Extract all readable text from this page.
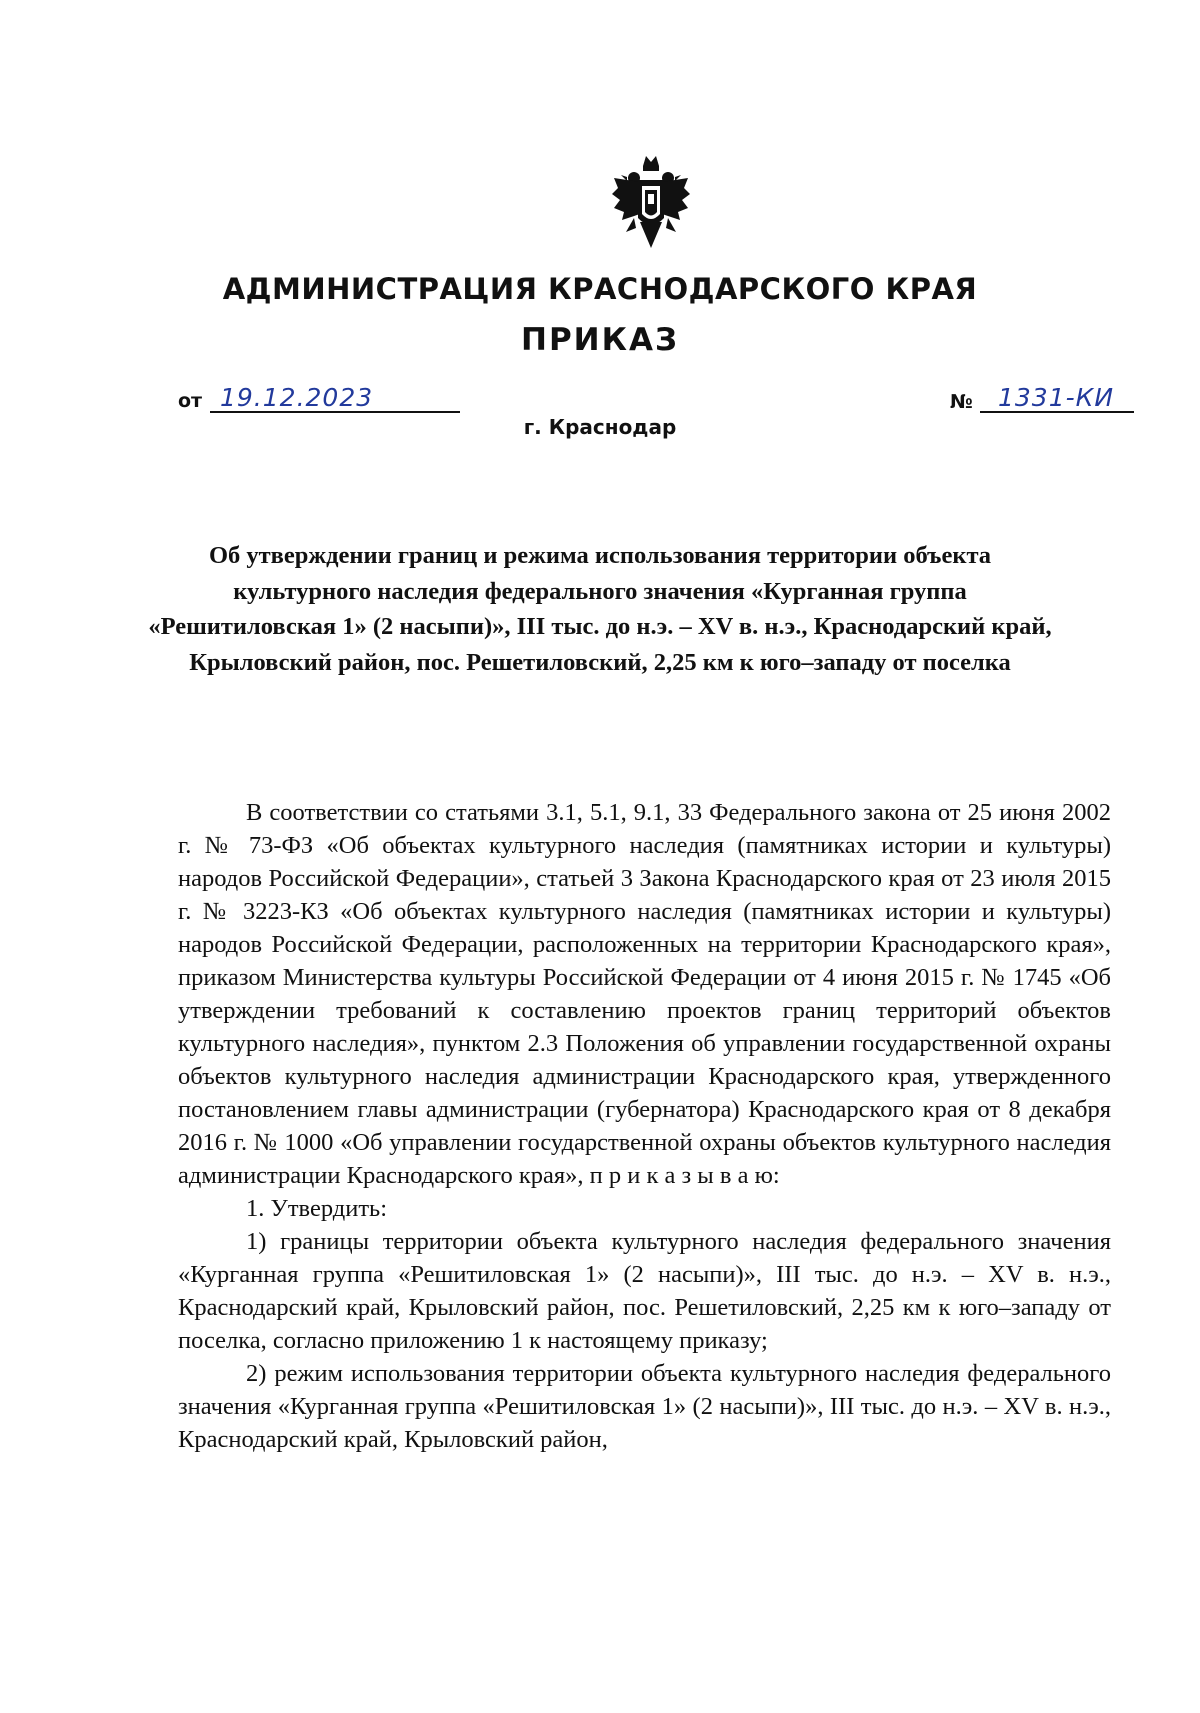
АДМИНИСТРАЦИЯ КРАСНОДАРСКОГО КРАЯ
ПРИКАЗ
от 19.12.2023
г. Краснодар
№ 1331-КИ
Об утверждении границ и режима использования территории объекта культурного наследия федерального значения «Курганная группа «Решитиловская 1» (2 насыпи)», III тыс. до н.э. – XV в. н.э., Краснодарский край, Крыловский район, пос. Решетиловский, 2,25 км к юго–западу от поселка

В соответствии со статьями 3.1, 5.1, 9.1, 33 Федерального закона от 25 июня 2002 г. № 73-ФЗ «Об объектах культурного наследия (памятниках истории и культуры) народов Российской Федерации», статьей 3 Закона Краснодарского края от 23 июля 2015 г. № 3223-КЗ «Об объектах культурного наследия (памятниках истории и культуры) народов Российской Федерации, расположенных на территории Краснодарского края», приказом Министерства культуры Российской Федерации от 4 июня 2015 г. № 1745 «Об утверждении требований к составлению проектов границ территорий объектов культурного наследия», пунктом 2.3 Положения об управлении государственной охраны объектов культурного наследия администрации Краснодарского края, утвержденного постановлением главы администрации (губернатора) Краснодарского края от 8 декабря 2016 г. № 1000 «Об управлении государственной охраны объектов культурного наследия администрации Краснодарского края», п р и к а з ы в а ю:

1. Утвердить:

1) границы территории объекта культурного наследия федерального значения «Курганная группа «Решитиловская 1» (2 насыпи)», III тыс. до н.э. – XV в. н.э., Краснодарский край, Крыловский район, пос. Решетиловский, 2,25 км к юго–западу от поселка, согласно приложению 1 к настоящему приказу;

2) режим использования территории объекта культурного наследия федерального значения «Курганная группа «Решитиловская 1» (2 насыпи)», III тыс. до н.э. – XV в. н.э., Краснодарский край, Крыловский район,
